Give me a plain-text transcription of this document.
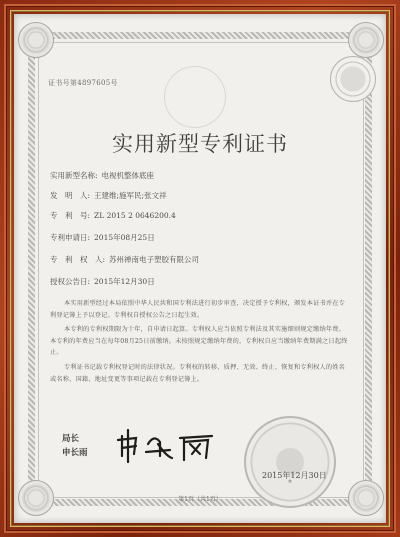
证书号第4897605号
实用新型专利证书
实用新型名称: 电视机整体底座
发　明　人: 王建维;施军民;张文祥
专　利　号: ZL 2015 2 0646200.4
专利申请日: 2015年08月25日
专　利　权　人: 苏州禅南电子塑胶有限公司
授权公告日: 2015年12月30日
本实用新型经过本局依照中华人民共和国专利法进行初步审查，决定授予专利权，颁发本证书并在专利登记簿上予以登记。专利权自授权公告之日起生效。
本专利的专利权期限为十年，自申请日起算。专利权人应当依照专利法及其实施细则规定缴纳年费。本专利的年费应当在每年08月25日前缴纳。未按照规定缴纳年费的，专利权自应当缴纳年费期满之日起终止。
专利证书记载专利权登记时的法律状况。专利权的转移、质押、无效、终止、恢复和专利权人的姓名或名称、国籍、地址变更等事项记载在专利登记簿上。
★
局长
申长雨
2015年12月30日
第1页（共1页）
